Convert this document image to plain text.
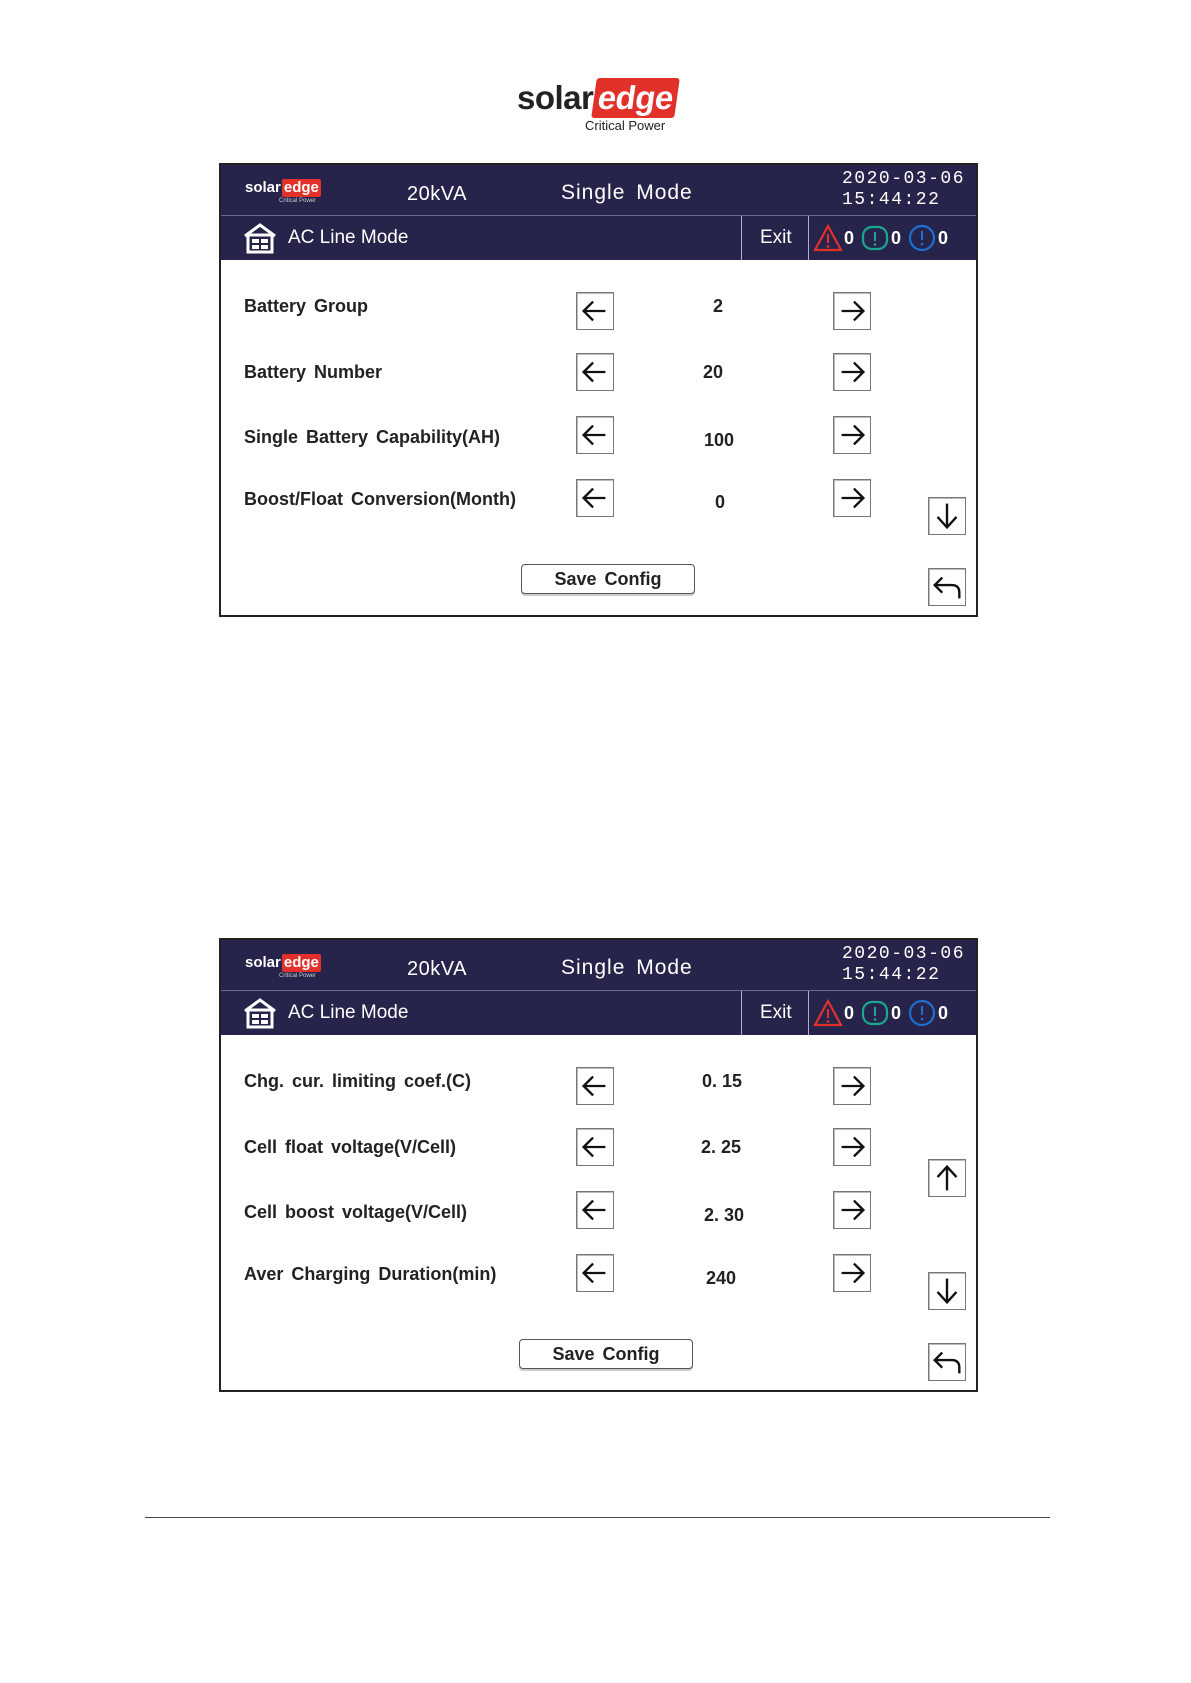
solar edge
Critical Power
solar edge
Critical Power	20kVA	Single Mode
2020-03-06
15:44:22
AC Line Mode	Exit	0 0 0
Battery Group	2
Battery Number	20
Single Battery Capability(AH)	100
Boost/Float Conversion(Month)	0
Save Config
solar edge
Critical Power	20kVA	Single Mode
2020-03-06
15:44:22
AC Line Mode	Exit	0 0 0
Chg. cur. limiting coef.(C)	0. 15
Cell float voltage(V/Cell)	2. 25
Cell boost voltage(V/Cell)	2. 30
Aver Charging Duration(min)	240
Save Config
